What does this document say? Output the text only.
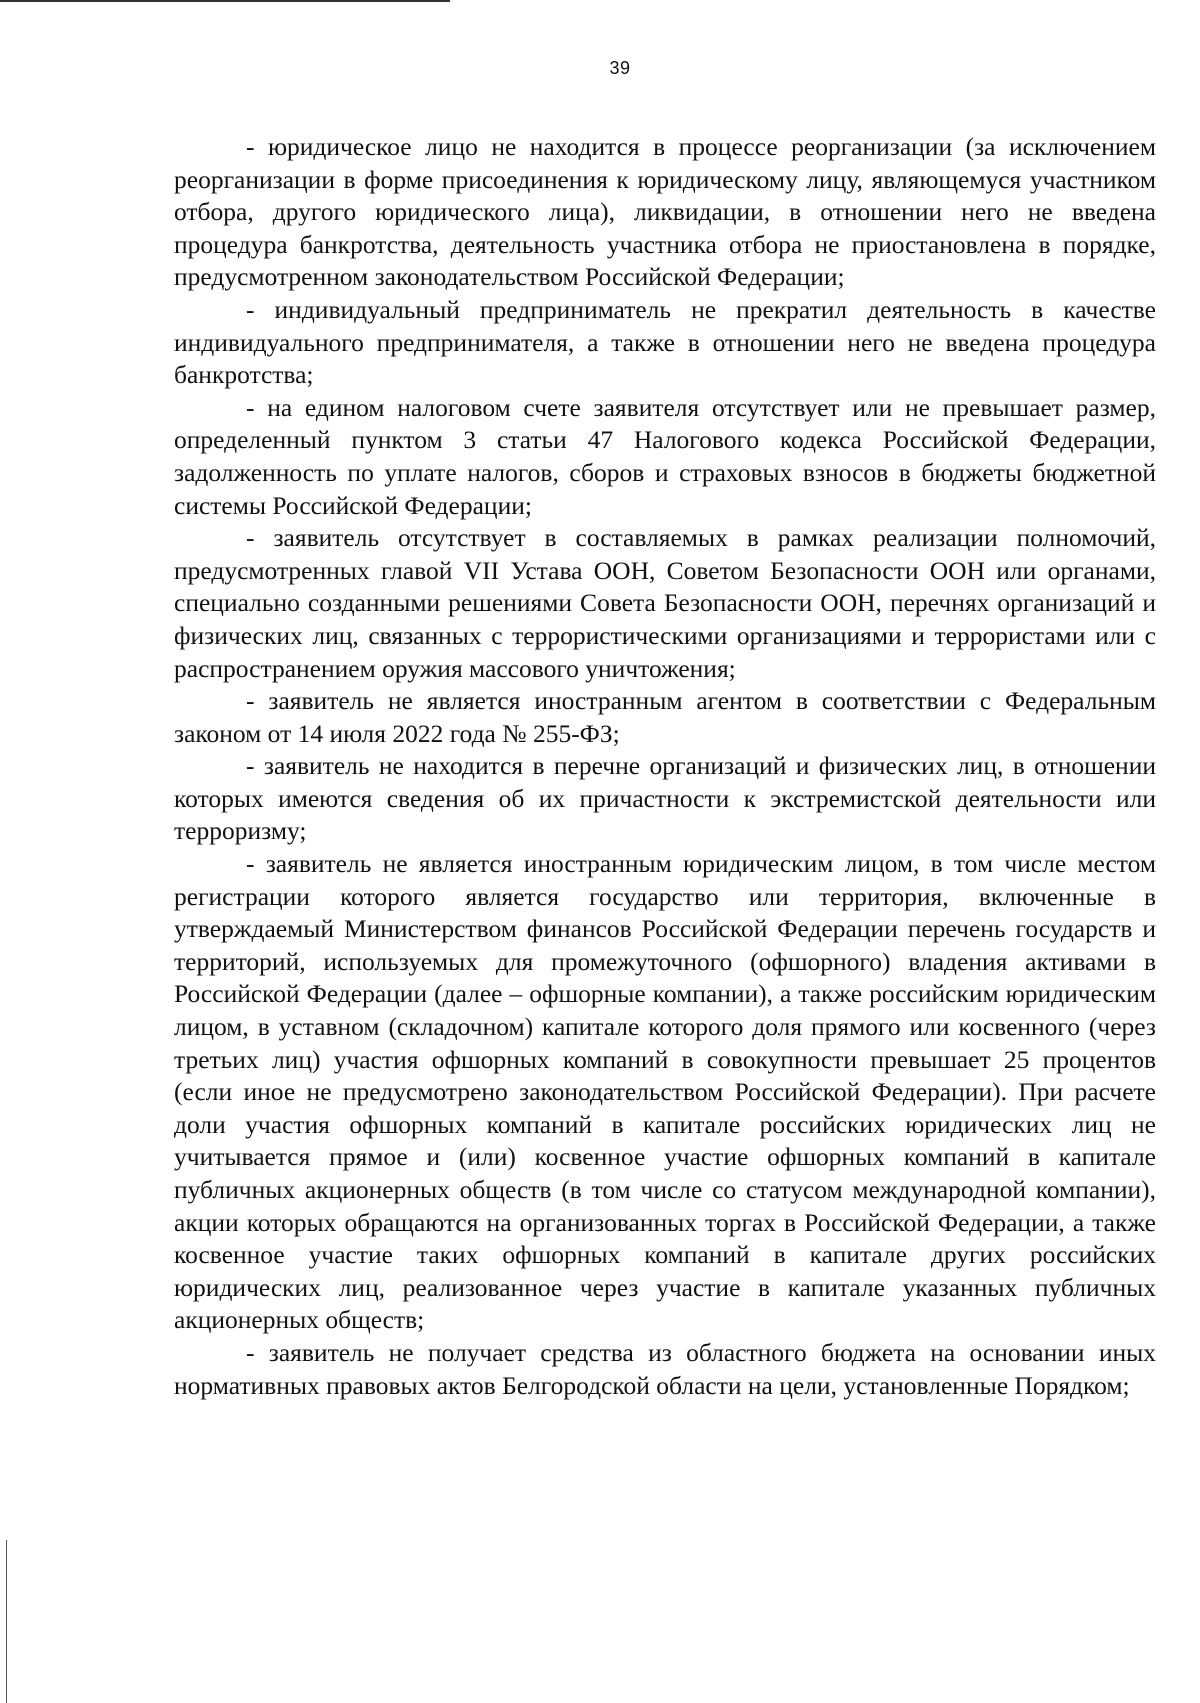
39

- юридическое лицо не находится в процессе реорганизации (за исключением реорганизации в форме присоединения к юридическому лицу, являющемуся участником отбора, другого юридического лица), ликвидации, в отношении него не введена процедура банкротства, деятельность участника отбора не приостановлена в порядке, предусмотренном законодательством Российской Федерации;

- индивидуальный предприниматель не прекратил деятельность в качестве индивидуального предпринимателя, а также в отношении него не введена процедура банкротства;

- на едином налоговом счете заявителя отсутствует или не превышает размер, определенный пунктом 3 статьи 47 Налогового кодекса Российской Федерации, задолженность по уплате налогов, сборов и страховых взносов в бюджеты бюджетной системы Российской Федерации;

- заявитель отсутствует в составляемых в рамках реализации полномочий, предусмотренных главой VII Устава ООН, Советом Безопасности ООН или органами, специально созданными решениями Совета Безопасности ООН, перечнях организаций и физических лиц, связанных с террористическими организациями и террористами или с распространением оружия массового уничтожения;

- заявитель не является иностранным агентом в соответствии с Федеральным законом от 14 июля 2022 года № 255-ФЗ;

- заявитель не находится в перечне организаций и физических лиц, в отношении которых имеются сведения об их причастности к экстремистской деятельности или терроризму;

- заявитель не является иностранным юридическим лицом, в том числе местом регистрации которого является государство или территория, включенные в утверждаемый Министерством финансов Российской Федерации перечень государств и территорий, используемых для промежуточного (офшорного) владения активами в Российской Федерации (далее – офшорные компании), а также российским юридическим лицом, в уставном (складочном) капитале которого доля прямого или косвенного (через третьих лиц) участия офшорных компаний в совокупности превышает 25 процентов (если иное не предусмотрено законодательством Российской Федерации). При расчете доли участия офшорных компаний в капитале российских юридических лиц не учитывается прямое и (или) косвенное участие офшорных компаний в капитале публичных акционерных обществ (в том числе со статусом международной компании), акции которых обращаются на организованных торгах в Российской Федерации, а также косвенное участие таких офшорных компаний в капитале других российских юридических лиц, реализованное через участие в капитале указанных публичных акционерных обществ;

- заявитель не получает средства из областного бюджета на основании иных нормативных правовых актов Белгородской области на цели, установленные Порядком;
